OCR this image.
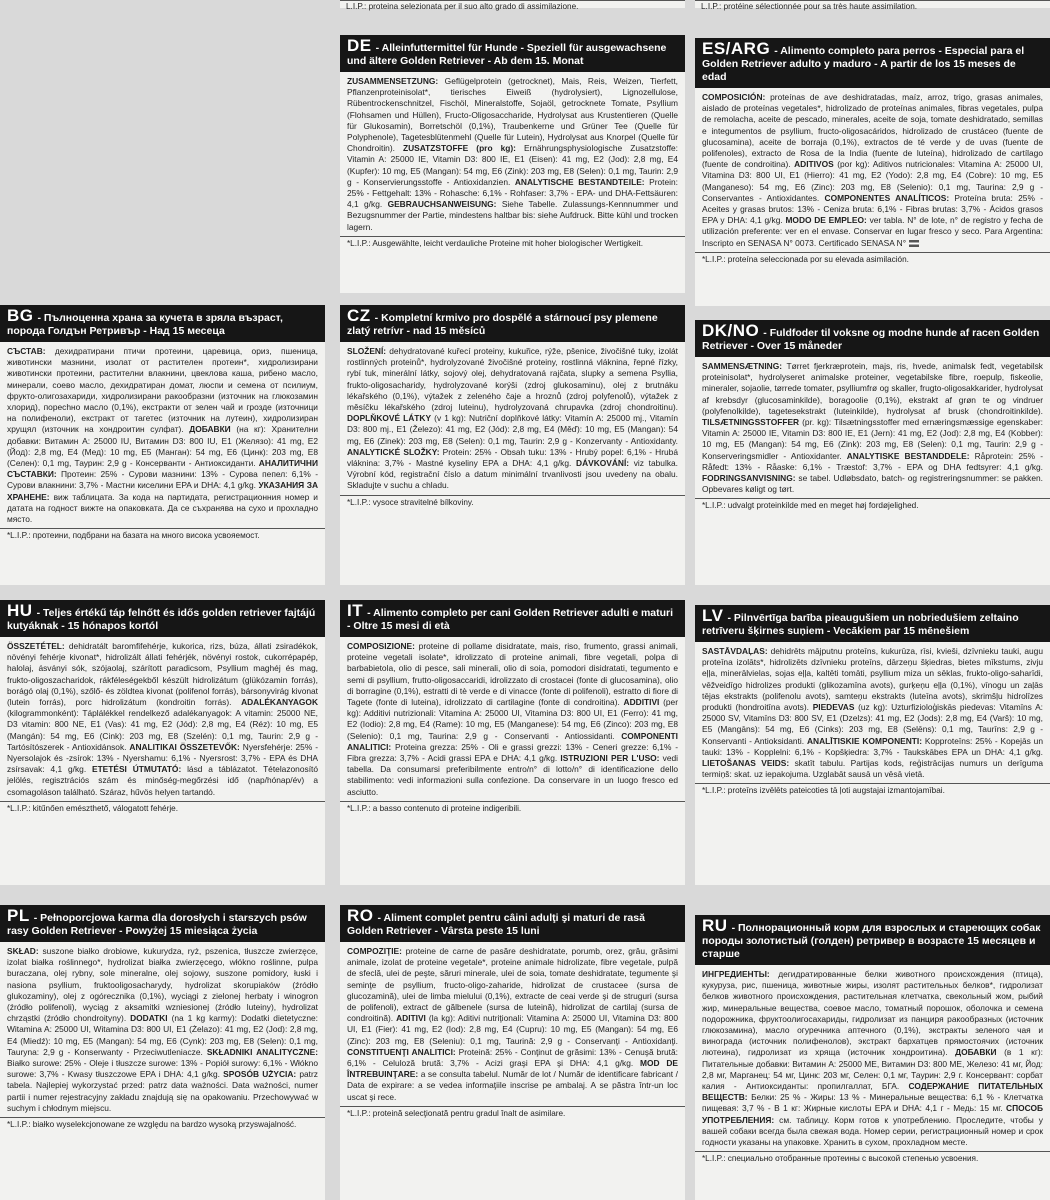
L.I.P.: proteina selezionata per il suo alto grado di assimilazione.	L.I.P.: protéine sélectionnée pour sa très haute assimilation.
DE - Alleinfuttermittel für Hunde - Speziell für ausgewachsene und ältere Golden Retriever - Ab dem 15. Monat
ZUSAMMENSETZUNG: Geflügelprotein (getrocknet), Mais, Reis, Weizen, Tierfett, Pflanzenproteinisolat*, tierisches Eiweiß (hydrolysiert), Lignozellulose, Rübentrockenschnitzel, Fischöl, Mineralstoffe, Sojaöl, getrocknete Tomate, Psyllium (Flohsamen und Hüllen), Fructo-Oligosaccharide, Hydrolysat aus Krustentieren (Quelle für Glukosamin), Borretschöl (0,1%), Traubenkerne und Grüner Tee (Quelle für Polyphenole), Tagetesblütenmehl (Quelle für Lutein), Hydrolysat aus Knorpel (Quelle für Chondroitin). ZUSATZSTOFFE (pro kg): Ernährungsphysiologische Zusatzstoffe: Vitamin A: 25000 IE, Vitamin D3: 800 IE, E1 (Eisen): 41 mg, E2 (Jod): 2,8 mg, E4 (Kupfer): 10 mg, E5 (Mangan): 54 mg, E6 (Zink): 203 mg, E8 (Selen): 0,1 mg, Taurin: 2,9 g - Konservierungsstoffe - Antioxidanzien. ANALYTISCHE BESTANDTEILE: Protein: 25% - Fettgehalt: 13% - Rohasche: 6,1% - Rohfaser: 3,7% - EPA- und DHA-Fettsäuren: 4,1 g/kg. GEBRAUCHSANWEISUNG: Siehe Tabelle. Zulassungs-Kennnummer und Bezugsnummer der Partie, mindestens haltbar bis: siehe Aufdruck. Bitte kühl und trocken lagern.
*L.I.P.: Ausgewählte, leicht verdauliche Proteine mit hoher biologischer Wertigkeit.
ES/ARG - Alimento completo para perros - Especial para el Golden Retriever adulto y maduro - A partir de los 15 meses de edad
COMPOSICIÓN: proteínas de ave deshidratadas, maíz, arroz, trigo, grasas animales, aislado de proteínas vegetales*, hidrolizado de proteínas animales, fibras vegetales, pulpa de remolacha, aceite de pescado, minerales, aceite de soja, tomate deshidratado, semillas e integumentos de psyllium, fructo-oligosacáridos, hidrolizado de crustáceo (fuente de glucosamina), aceite de borraja (0,1%), extractos de té verde y de uvas (fuente de polifenoles), extracto de Rosa de la India (fuente de luteína), hidrolizado de cartílago (fuente de condroitina). ADITIVOS (por kg): Aditivos nutricionales: Vitamina A: 25000 UI, Vitamina D3: 800 UI, E1 (Hierro): 41 mg, E2 (Yodo): 2,8 mg, E4 (Cobre): 10 mg, E5 (Manganeso): 54 mg, E6 (Zinc): 203 mg, E8 (Selenio): 0,1 mg, Taurina: 2,9 g - Conservantes - Antioxidantes. COMPONENTES ANALÍTICOS: Proteína bruta: 25% - Aceites y grasas brutos: 13% - Ceniza bruta: 6,1% - Fibras brutas: 3,7% - Ácidos grasos EPA y DHA: 4,1 g/kg. MODO DE EMPLEO: ver tabla. N° de lote, n° de registro y fecha de utilización preferente: ver en el envase. Conservar en lugar fresco y seco. Para Argentina: Inscripto en SENASA N° 0073. Certificado SENASA N°
*L.I.P.: proteína seleccionada por su elevada asimilación.
BG - Пълноценна храна за кучета в зряла възраст, порода Голдън Ретривър - Над 15 месеца
СЪСТАВ: дехидратирани птичи протеини, царевица, ориз, пшеница, животински мазнини, изолат от растителен протеин*, хидролизирани животински протеини, растителни влакнини, цвеклова каша, рибено масло, минерали, соево масло, дехидратиран домат, люспи и семена от псилиум, фруктo-олигозахариди, хидролизирани ракообразни (източник на глюкозамин хлорид), порechно масло (0,1%), екстракти от зелен чай и грозде (източници на полифеноли), екстракт от тагетес (източник на лутеин), хидролизиран хрущял (източник на хондроитин сулфат). ДОБАВКИ (на кг): Хранителни добавки: Витамин A: 25000 IU, Витамин D3: 800 IU, E1 (Желязо): 41 mg, E2 (Йод): 2,8 mg, E4 (Мед): 10 mg, E5 (Манган): 54 mg, E6 (Цинк): 203 mg, E8 (Селен): 0,1 mg, Таурин: 2,9 g - Консерванти - Антиоксиданти. АНАЛИТИЧНИ СЪСТАВКИ: Протеин: 25% - Сурови мазнини: 13% - Сурова пепел: 6,1% - Сурови влакнини: 3,7% - Мастни киселини EPA и DHA: 4,1 g/kg. УКАЗАНИЯ ЗА ХРАНЕНЕ: виж таблицата. За кода на партидата, регистрационния номер и датата на годност вижте на опаковката. Да се съхранява на сухо и прохладно място.
*L.I.P.: протеини, подбрани на базата на много висока усвояемост.
CZ - Kompletní krmivo pro dospělé a stárnoucí psy plemene zlatý retrívr - nad 15 měsíců
SLOŽENÍ: dehydratované kuřecí proteiny, kukuřice, rýže, pšenice, živočišné tuky, izolát rostlinných proteinů*, hydrolyzované živočišné proteiny, rostlinná vláknina, řepné řízky, rybí tuk, minerální látky, sojový olej, dehydratovaná rajčata, slupky a semena Psyllia, frukto-oligosacharidy, hydrolyzované korýši (zdroj glukosaminu), olej z brutnáku lékařského (0,1%), výtažek z zeleného čaje a hroznů (zdroj polyfenolů), výtažek z měsíčku lékařského (zdroj luteinu), hydrolyzovaná chrupavka (zdroj chondroitinu). DOPLŇKOVÉ LÁTKY (v 1 kg): Nutriční doplňkové látky: Vitamín A: 25000 mj., Vitamín D3: 800 mj., E1 (Železo): 41 mg, E2 (Jód): 2,8 mg, E4 (Měď): 10 mg, E5 (Mangan): 54 mg, E6 (Zinek): 203 mg, E8 (Selen): 0,1 mg, Taurin: 2,9 g - Konzervanty - Antioxidanty. ANALYTICKÉ SLOŽKY: Protein: 25% - Obsah tuku: 13% - Hrubý popel: 6,1% - Hrubá vláknina: 3,7% - Mastné kyseliny EPA a DHA: 4,1 g/kg. DÁVKOVÁNÍ: viz tabulka. Výrobní kód, registrační číslo a datum minimální trvanlivosti jsou uvedeny na obalu. Skladujte v suchu a chladu.
*L.I.P.: vysoce stravitelné bílkoviny.
DK/NO - Fuldfoder til voksne og modne hunde af racen Golden Retriever - Over 15 måneder
SAMMENSÆTNING: Tørret fjerkræprotein, majs, ris, hvede, animalsk fedt, vegetabilsk proteinisolat*, hydrolyseret animalske proteiner, vegetabilske fibre, roepulp, fiskeolie, mineraler, sojaolie, tørrede tomater, psylliumfrø og skaller, frugto-oligosakkarider, hydrolysat af krebsdyr (glucosaminkilde), boragoolie (0,1%), ekstrakt af grøn te og vindruer (polyfenolkilde), tagetesekstrakt (luteinkilde), hydrolysat af brusk (chondroitinkilde). TILSÆTNINGSSTOFFER (pr. kg): Tilsætningsstoffer med ernæringsmæssige egenskaber: Vitamin A: 25000 IE, Vitamin D3: 800 IE, E1 (Jern): 41 mg, E2 (Jod): 2,8 mg, E4 (Kobber): 10 mg, E5 (Mangan): 54 mg, E6 (Zink): 203 mg, E8 (Selen): 0,1 mg, Taurin: 2,9 g - Konserveringsmidler - Antioxidanter. ANALYTISKE BESTANDDELE: Råprotein: 25% - Råfedt: 13% - Råaske: 6,1% - Træstof: 3,7% - EPA og DHA fedtsyrer: 4,1 g/kg. FODRINGSANVISNING: se tabel. Udløbsdato, batch- og registreringsnummer: se pakken. Opbevares køligt og tørt.
*L.I.P.: udvalgt proteinkilde med en meget høj fordøjelighed.
HU - Teljes értékű táp felnőtt és idős golden retriever fajtájú kutyáknak - 15 hónapos kortól
ÖSSZETÉTEL: dehidratált baromfifehérje, kukorica, rizs, búza, állati zsiradékok, növényi fehérje kivonat*, hidrolizált állati fehérjék, növényi rostok, cukorrépapép, halolaj, ásványi sók, szójaolaj, szárított paradicsom, Psyllium maghéj és mag, frukto-oligoszacharidok, rákféleségekből készült hidrolizátum (glükózamin forrás), borágó olaj (0,1%), szőlő- és zöldtea kivonat (polifenol forrás), bársonyvirág kivonat (lutein forrás), porc hidrolizátum (kondroitin forrás). ADALÉKANYAGOK (kilogrammonként): Táplálékkel rendelkező adalékanyagok: A vitamin: 25000 NE, D3 vitamin: 800 NE, E1 (Vas): 41 mg, E2 (Jód): 2,8 mg, E4 (Réz): 10 mg, E5 (Mangán): 54 mg, E6 (Cink): 203 mg, E8 (Szelén): 0,1 mg, Taurin: 2,9 g - Tartósítószerek - Antioxidánsok. ANALITIKAI ÖSSZETEVŐK: Nyersfehérje: 25% - Nyersolajok és -zsírok: 13% - Nyershamu: 6,1% - Nyersrost: 3,7% - EPA és DHA zsírsavak: 4,1 g/kg. ETETÉSI ÚTMUTATÓ: lásd a táblázatot. Tételazonosító jelölés, regisztrációs szám és minőség-megőrzési idő (nap/hónap/év) a csomagoláson található. Száraz, hűvös helyen tartandó.
*L.I.P.: kitűnően emészthető, válogatott fehérje.
IT - Alimento completo per cani Golden Retriever adulti e maturi - Oltre 15 mesi di età
COMPOSIZIONE: proteine di pollame disidratate, mais, riso, frumento, grassi animali, proteine vegetali isolate*, idrolizzato di proteine animali, fibre vegetali, polpa di barbabietola, olio di pesce, sali minerali, olio di soia, pomodori disidratati, tegumento e semi di psyllium, frutto-oligosaccaridi, idrolizzato di crostacei (fonte di glucosamina), olio di borragine (0,1%), estratti di tè verde e di vinacce (fonte di polifenoli), estratto di fiore di Tagete (fonte di luteina), idrolizzato di cartilagine (fonte di condroitina). ADDITIVI (per kg): Additivi nutrizionali: Vitamina A: 25000 UI, Vitamina D3: 800 UI, E1 (Ferro): 41 mg, E2 (Iodio): 2,8 mg, E4 (Rame): 10 mg, E5 (Manganese): 54 mg, E6 (Zinco): 203 mg, E8 (Selenio): 0,1 mg, Taurina: 2,9 g - Conservanti - Antiossidanti. COMPONENTI ANALITICI: Proteina grezza: 25% - Oli e grassi grezzi: 13% - Ceneri grezze: 6,1% - Fibra grezza: 3,7% - Acidi grassi EPA e DHA: 4,1 g/kg. ISTRUZIONI PER L'USO: vedi tabella. Da consumarsi preferibilmente entro/n° di lotto/n° di identificazione dello stabilimento: vedi informazioni sulla confezione. Da conservare in un luogo fresco ed asciutto.
*L.I.P.: a basso contenuto di proteine indigeribili.
LV - Pilnvērtīga barība pieaugušiem un nobriedušiem zeltaino retrīveru šķirnes suņiem - Vecākiem par 15 mēnešiem
SASTĀVDAĻAS: dehidrēts mājputnu proteīns, kukurūza, rīsi, kvieši, dzīvnieku tauki, augu proteīna izolāts*, hidrolizēts dzīvnieku proteīns, dārzeņu šķiedras, bietes mīkstums, zivju eļļa, minerālvielas, sojas eļļa, kaltēti tomāti, psyllium miza un sēklas, frukto-oligo-saharīdi, vēžveidīgo hidrolizes produkti (glikozamīna avots), gurķeņu eļļa (0,1%), vīnogu un zaļās tējas ekstrakts (polifenolu avots), samteņu ekstrakts (luteīna avots), skrimšļu hidrolīzes produkti (hondroitīna avots). PIEDEVAS (uz kg): Uzturfizioloģiskās piedevas: Vitamīns A: 25000 SV, Vitamīns D3: 800 SV, E1 (Dzelzs): 41 mg, E2 (Jods): 2,8 mg, E4 (Varš): 10 mg, E5 (Mangāns): 54 mg, E6 (Cinks): 203 mg, E8 (Selēns): 0,1 mg, Taurīns: 2,9 g - Konservanti - Antioksidanti. ANALĪTISKIE KOMPONENTI: Kopproteīns: 25% - Kopejās un tauki: 13% - Kopplelni: 6,1% - Kopšķiedra: 3,7% - Taukskābes EPA un DHA: 4,1 g/kg. LIETOŠANAS VEIDS: skatīt tabulu. Partijas kods, reģistrācijas numurs un derīguma termiņš: skat. uz iepakojuma. Uzglabāt sausā un vēsā vietā.
*L.I.P.: proteīns izvēlēts pateicoties tā ļoti augstajai izmantojamībai.
PL - Pełnoporcjowa karma dla dorosłych i starszych psów rasy Golden Retriever - Powyżej 15 miesiąca życia
SKŁAD: suszone białko drobiowe, kukurydza, ryż, pszenica, tłuszcze zwierzęce, izolat białka roślinnego*, hydrolizat białka zwierzęcego, włókno roślinne, pulpa buraczana, olej rybny, sole mineralne, olej sojowy, suszone pomidory, łuski i nasiona psyllium, fruktooligosacharydy, hydrolizat skorupiaków (źródło glukozaminy), olej z ogórecznika (0,1%), wyciągi z zielonej herbaty i winogron (źródło polifenoli), wyciąg z aksamitki wzniesionej (źródło luteiny), hydrolizat chrząstki (źródło chondroityny). DODATKI (na 1 kg karmy): Dodatki dietetyczne: Witamina A: 25000 UI, Witamina D3: 800 UI, E1 (Żelazo): 41 mg, E2 (Jod): 2,8 mg, E4 (Miedź): 10 mg, E5 (Mangan): 54 mg, E6 (Cynk): 203 mg, E8 (Selen): 0,1 mg, Tauryna: 2,9 g - Konserwanty - Przeciwutleniacze. SKŁADNIKI ANALITYCZNE: Białko surowe: 25% - Oleje i tłuszcze surowe: 13% - Popiół surowy: 6,1% - Włókno surowe: 3,7% - Kwasy tłuszczowe EPA i DHA: 4,1 g/kg. SPOSÓB UŻYCIA: patrz tabela. Najlepiej wykorzystać przed: patrz data ważności. Data ważności, numer partii i numer rejestracyjny zakładu znajdują się na opakowaniu. Przechowywać w suchym i chłodnym miejscu.
*L.I.P.: białko wyselekcjonowane ze względu na bardzo wysoką przyswajalność.
RO - Aliment complet pentru câini adulţi şi maturi de rasă Golden Retriever - Vârsta peste 15 luni
COMPOZIŢIE: proteine de carne de pasăre deshidratate, porumb, orez, grâu, grăsimi animale, izolat de proteine vegetale*, proteine animale hidrolizate, fibre vegetale, pulpă de sfeclă, ulei de peşte, săruri minerale, ulei de soia, tomate deshidratate, tegumente şi seminţe de psyllium, fructo-oligo-zaharide, hidrolizat de crustacee (sursa de glucozamină), ulei de limba mielului (0,1%), extracte de ceai verde şi de struguri (sursa de polifenoli), extract de gălbenele (sursa de luteină), hidrolizat de cartilaj (sursa de condroitină). ADITIVI (la kg): Aditivi nutriţionali: Vitamina A: 25000 UI, Vitamina D3: 800 UI, E1 (Fier): 41 mg, E2 (Iod): 2,8 mg, E4 (Cupru): 10 mg, E5 (Mangan): 54 mg, E6 (Zinc): 203 mg, E8 (Seleniu): 0,1 mg, Taurină: 2,9 g - Conservanţi - Antioxidanţi. CONSTITUENŢI ANALITICI: Proteină: 25% - Conţinut de grăsimi: 13% - Cenuşă brută: 6,1% - Celuloză brută: 3,7% - Acizi graşi EPA şi DHA: 4,1 g/kg. MOD DE ÎNTREBUINŢARE: a se consulta tabelul. Număr de lot / Număr de identificare fabricant / Data de expirare: a se vedea informaţiile inscrise pe ambalaj. A se păstra într-un loc uscat şi rece.
*L.I.P.: proteină selecţionată pentru gradul înalt de asimilare.
RU - Полнорационный корм для взрослых и стареющих собак породы золотистый (голден) ретривер в возрасте 15 месяцев и старше
ИНГРЕДИЕНТЫ: дегидратированные белки животного происхождения (птица), кукуруза, рис, пшеница, животные жиры, изолят растительных белков*, гидролизат белков животного происхождения, растительная клетчатка, свекольный жом, рыбий жир, минеральные вещества, соевое масло, томатный порошок, оболочка и семена подорожника, фруктоолигосахариды, гидролизат из панциря ракообразных (источник глюкозамина), масло огуречника аптечного (0,1%), экстракты зеленого чая и винограда (источник полифенолов), экстракт бархатцев прямостоячих (источник лютеина), гидролизат из хряща (источник хондроитина). ДОБАВКИ (в 1 кг): Питательные добавки: Витамин A: 25000 МЕ, Витамин D3: 800 МЕ, Железо: 41 мг, Йод: 2,8 мг, Марганец: 54 мг, Цинк: 203 мг, Селен: 0,1 мг, Таурин: 2,9 г. Консервант: сорбат калия - Антиоксиданты: пропилгаллат, БГА. СОДЕРЖАНИЕ ПИТАТЕЛЬНЫХ ВЕЩЕСТВ: Белки: 25 % - Жиры: 13 % - Минеральные вещества: 6,1 % - Клетчатка пищевая: 3,7 % - В 1 кг: Жирные кислоты EPA и DHA: 4,1 г - Медь: 15 мг. СПОСОБ УПОТРЕБЛЕНИЯ: см. таблицу. Корм готов к употреблению. Проследите, чтобы у вашей собаки всегда была свежая вода. Номер серии, регистрационный номер и срок годности указаны на упаковке. Хранить в сухом, прохладном месте.
*L.I.P.: специально отобранные протеины с высокой степенью усвоения.
